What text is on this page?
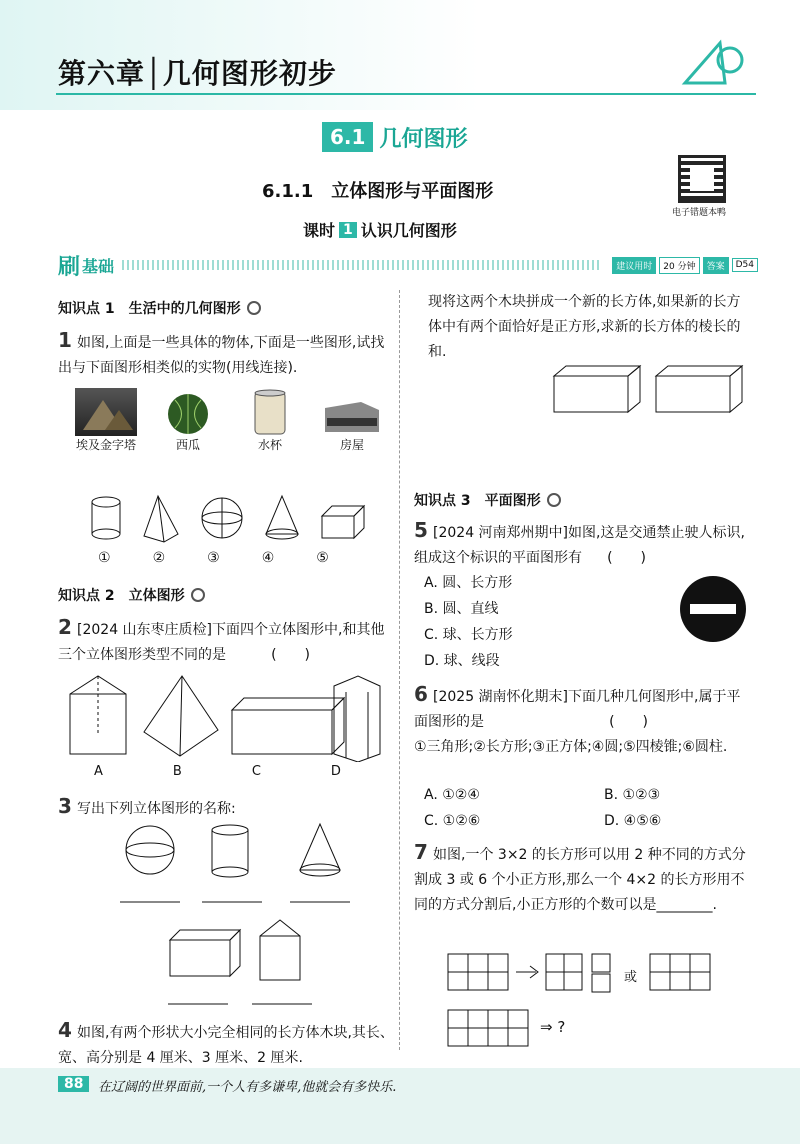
第六章│几何图形初步
6.1 几何图形
6.1.1　立体图形与平面图形
课时 1 认识几何图形
电子错题本鸭
刷 基础	建议用时	20 分钟	答案	D54
知识点 1　生活中的几何图形
1 如图,上面是一些具体的物体,下面是一些图形,试找出与下面图形相类似的实物(用线连接).
埃及金字塔	西瓜	水杯	房屋
①	②	③	④	⑤
知识点 2　立体图形
2 [2024 山东枣庄质检]下面四个立体图形中,和其他三个立体图形类型不同的是	(　　)
A	B	C	D
3 写出下列立体图形的名称:
4 如图,有两个形状大小完全相同的长方体木块,其长、宽、高分别是 4 厘米、3 厘米、2 厘米.
现将这两个木块拼成一个新的长方体,如果新的长方体中有两个面恰好是正方形,求新的长方体的棱长的和.
知识点 3　平面图形
5 [2024 河南郑州期中]如图,这是交通禁止驶人标识,组成这个标识的平面图形有 (　　)
A. 圆、长方形
B. 圆、直线
C. 球、长方形
D. 球、线段
6 [2025 湖南怀化期末]下面几种几何图形中,属于平面图形的是	(　　)
①三角形;②长方形;③正方体;④圆;⑤四棱锥;⑥圆柱.
A. ①②④	B. ①②③
C. ①②⑥	D. ④⑤⑥
7 如图,一个 3×2 的长方形可以用 2 种不同的方式分割成 3 或 6 个小正方形,那么一个 4×2 的长方形用不同的方式分割后,小正方形的个数可以是________.
或
⇒ ?
88	在辽阔的世界面前,一个人有多谦卑,他就会有多快乐.
